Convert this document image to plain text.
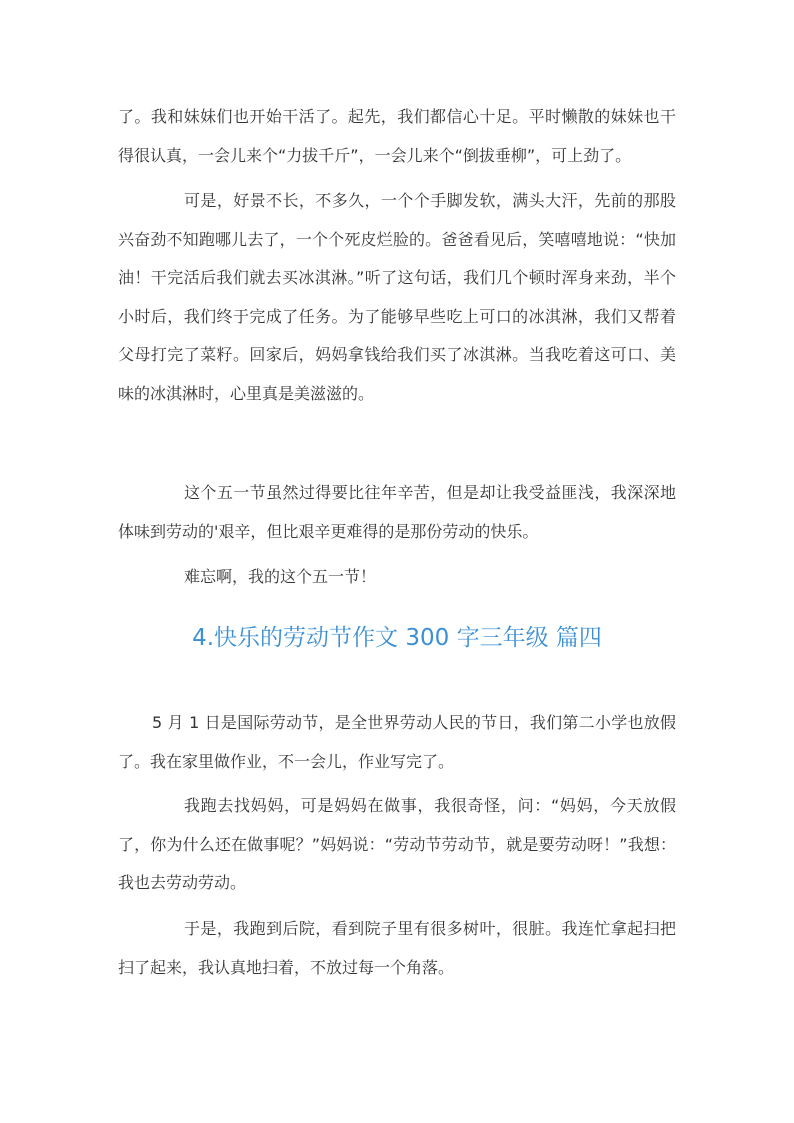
了。我和妹妹们也开始干活了。起先，我们都信心十足。平时懒散的妹妹也干得很认真，一会儿来个“力拔千斤”，一会儿来个“倒拔垂柳”，可上劲了。

可是，好景不长，不多久，一个个手脚发软，满头大汗，先前的那股兴奋劲不知跑哪儿去了，一个个死皮烂脸的。爸爸看见后，笑嘻嘻地说：“快加油！干完活后我们就去买冰淇淋。”听了这句话，我们几个顿时浑身来劲，半个小时后，我们终于完成了任务。为了能够早些吃上可口的冰淇淋，我们又帮着父母打完了菜籽。回家后，妈妈拿钱给我们买了冰淇淋。当我吃着这可口、美味的冰淇淋时，心里真是美滋滋的。

这个五一节虽然过得要比往年辛苦，但是却让我受益匪浅，我深深地体味到劳动的'艰辛，但比艰辛更难得的是那份劳动的快乐。

难忘啊，我的这个五一节！

4.快乐的劳动节作文 300 字三年级 篇四

5 月 1 日是国际劳动节，是全世界劳动人民的节日，我们第二小学也放假了。我在家里做作业，不一会儿，作业写完了。

我跑去找妈妈，可是妈妈在做事，我很奇怪，问：“妈妈，今天放假了，你为什么还在做事呢？”妈妈说：“劳动节劳动节，就是要劳动呀！”我想：我也去劳动劳动。

于是，我跑到后院，看到院子里有很多树叶，很脏。我连忙拿起扫把扫了起来，我认真地扫着，不放过每一个角落。
